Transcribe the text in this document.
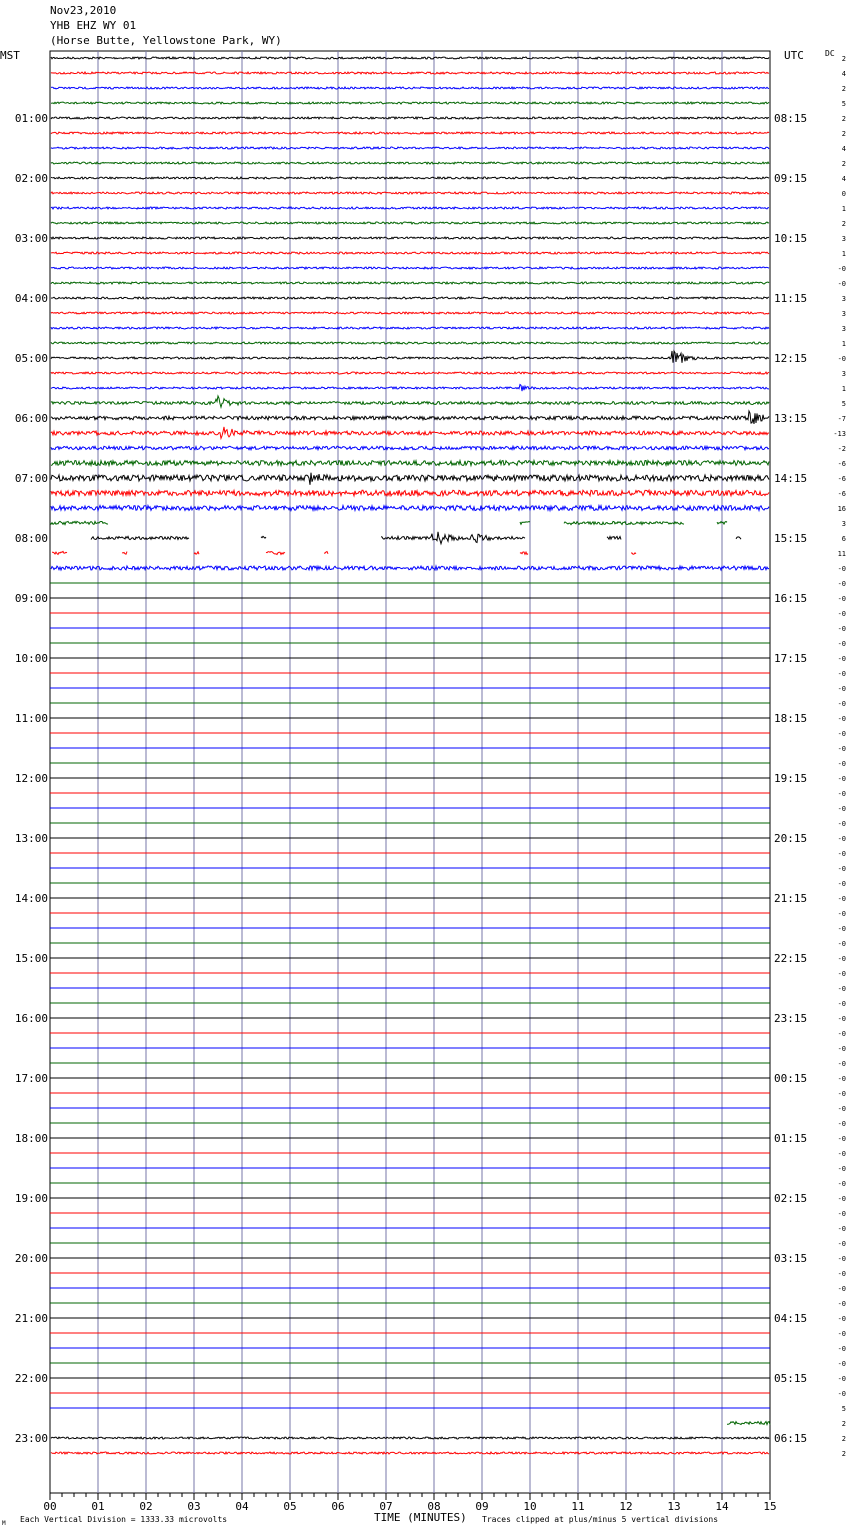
Nov23,2010
YHB EHZ WY 01
(Horse Butte, Yellowstone Park, WY)
MST	UTC	DC
2
4
2
5
2
2
4
2
4
0
1
2
3
1
-0
-0
3
3
3
1
-0
3
1
5
-7
-13
-2
-6
-6
-6
16
3
6
11
-0
-0
-0
-0
-0
-0
-0
-0
-0
-0
-0
-0
-0
-0
-0
-0
-0
-0
-0
-0
-0
-0
-0
-0
-0
-0
-0
-0
-0
-0
-0
-0
-0
-0
-0
-0
-0
-0
-0
-0
-0
-0
-0
-0
-0
-0
-0
-0
-0
-0
-0
-0
-0
-0
-0
-0
5
2
2
2
01:00
02:00
03:00
04:00
05:00
06:00
07:00
08:00
09:00
10:00
11:00
12:00
13:00
14:00
15:00
16:00
17:00
18:00
19:00
20:00
21:00
22:00
23:00
08:15
09:15
10:15
11:15
12:15
13:15
14:15
15:15
16:15
17:15
18:15
19:15
20:15
21:15
22:15
23:15
00:15
01:15
02:15
03:15
04:15
05:15
06:15
00	01	02	03	04	05	06	07	08	09	10	11	12	13	14	15
M Each Vertical Division = 1333.33 microvolts	TIME (MINUTES) Traces clipped at plus/minus 5 vertical divisions
